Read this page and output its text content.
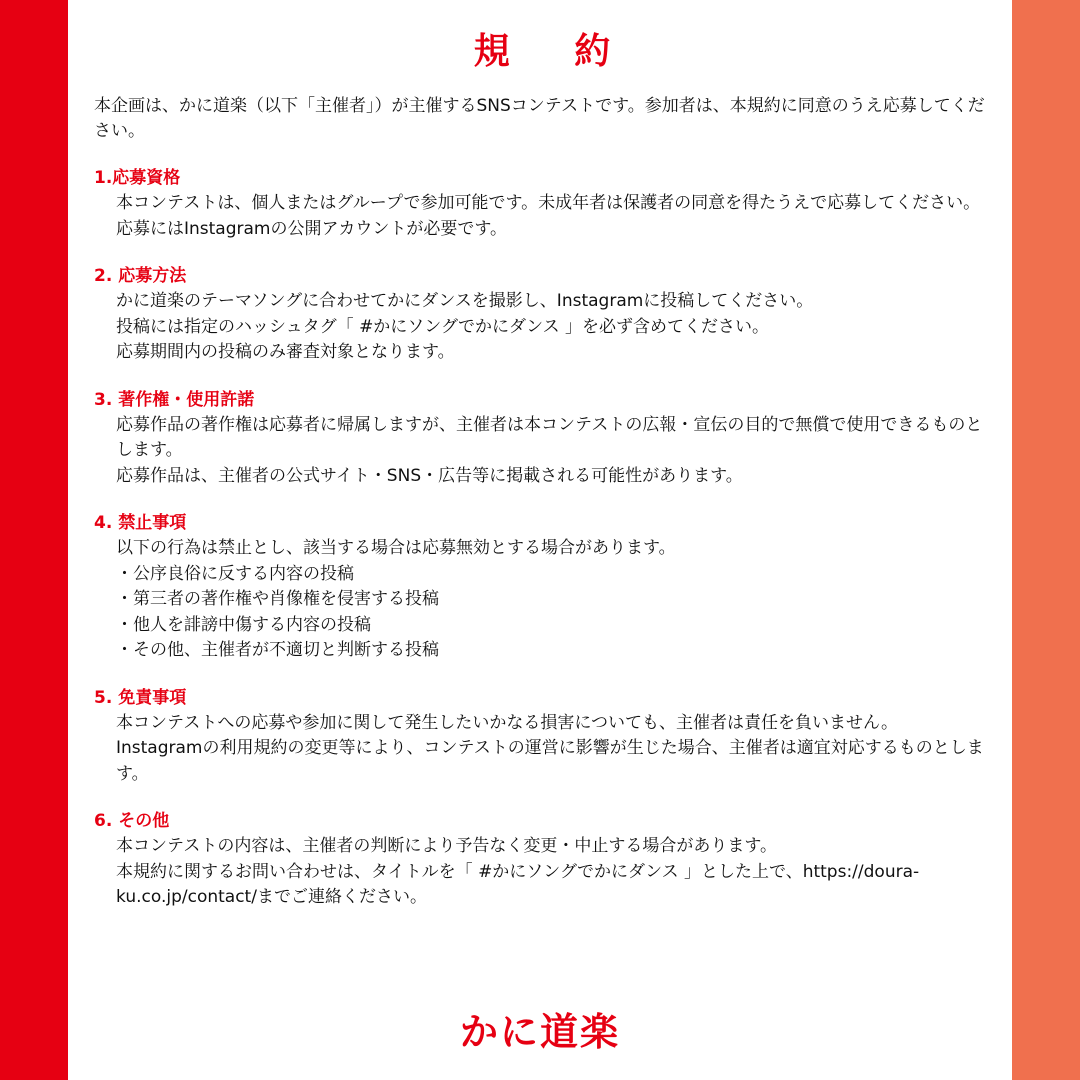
規 約
本企画は、かに道楽（以下「主催者」）が主催するSNSコンテストです。参加者は、本規約に同意のうえ応募してください。
1.応募資格
本コンテストは、個人またはグループで参加可能です。未成年者は保護者の同意を得たうえで応募してください。
応募にはInstagramの公開アカウントが必要です。
2. 応募方法
かに道楽のテーマソングに合わせてかにダンスを撮影し、Instagramに投稿してください。
投稿には指定のハッシュタグ「 #かにソングでかにダンス 」を必ず含めてください。
応募期間内の投稿のみ審査対象となります。
3. 著作権・使用許諾
応募作品の著作権は応募者に帰属しますが、主催者は本コンテストの広報・宣伝の目的で無償で使用できるものとします。
応募作品は、主催者の公式サイト・SNS・広告等に掲載される可能性があります。
4. 禁止事項
以下の行為は禁止とし、該当する場合は応募無効とする場合があります。
・公序良俗に反する内容の投稿
・第三者の著作権や肖像権を侵害する投稿
・他人を誹謗中傷する内容の投稿
・その他、主催者が不適切と判断する投稿
5. 免責事項
本コンテストへの応募や参加に関して発生したいかなる損害についても、主催者は責任を負いません。
Instagramの利用規約の変更等により、コンテストの運営に影響が生じた場合、主催者は適宜対応するものとします。
6. その他
本コンテストの内容は、主催者の判断により予告なく変更・中止する場合があります。
本規約に関するお問い合わせは、タイトルを「 #かにソングでかにダンス 」とした上で、https://doura-ku.co.jp/contact/までご連絡ください。
かに道楽
